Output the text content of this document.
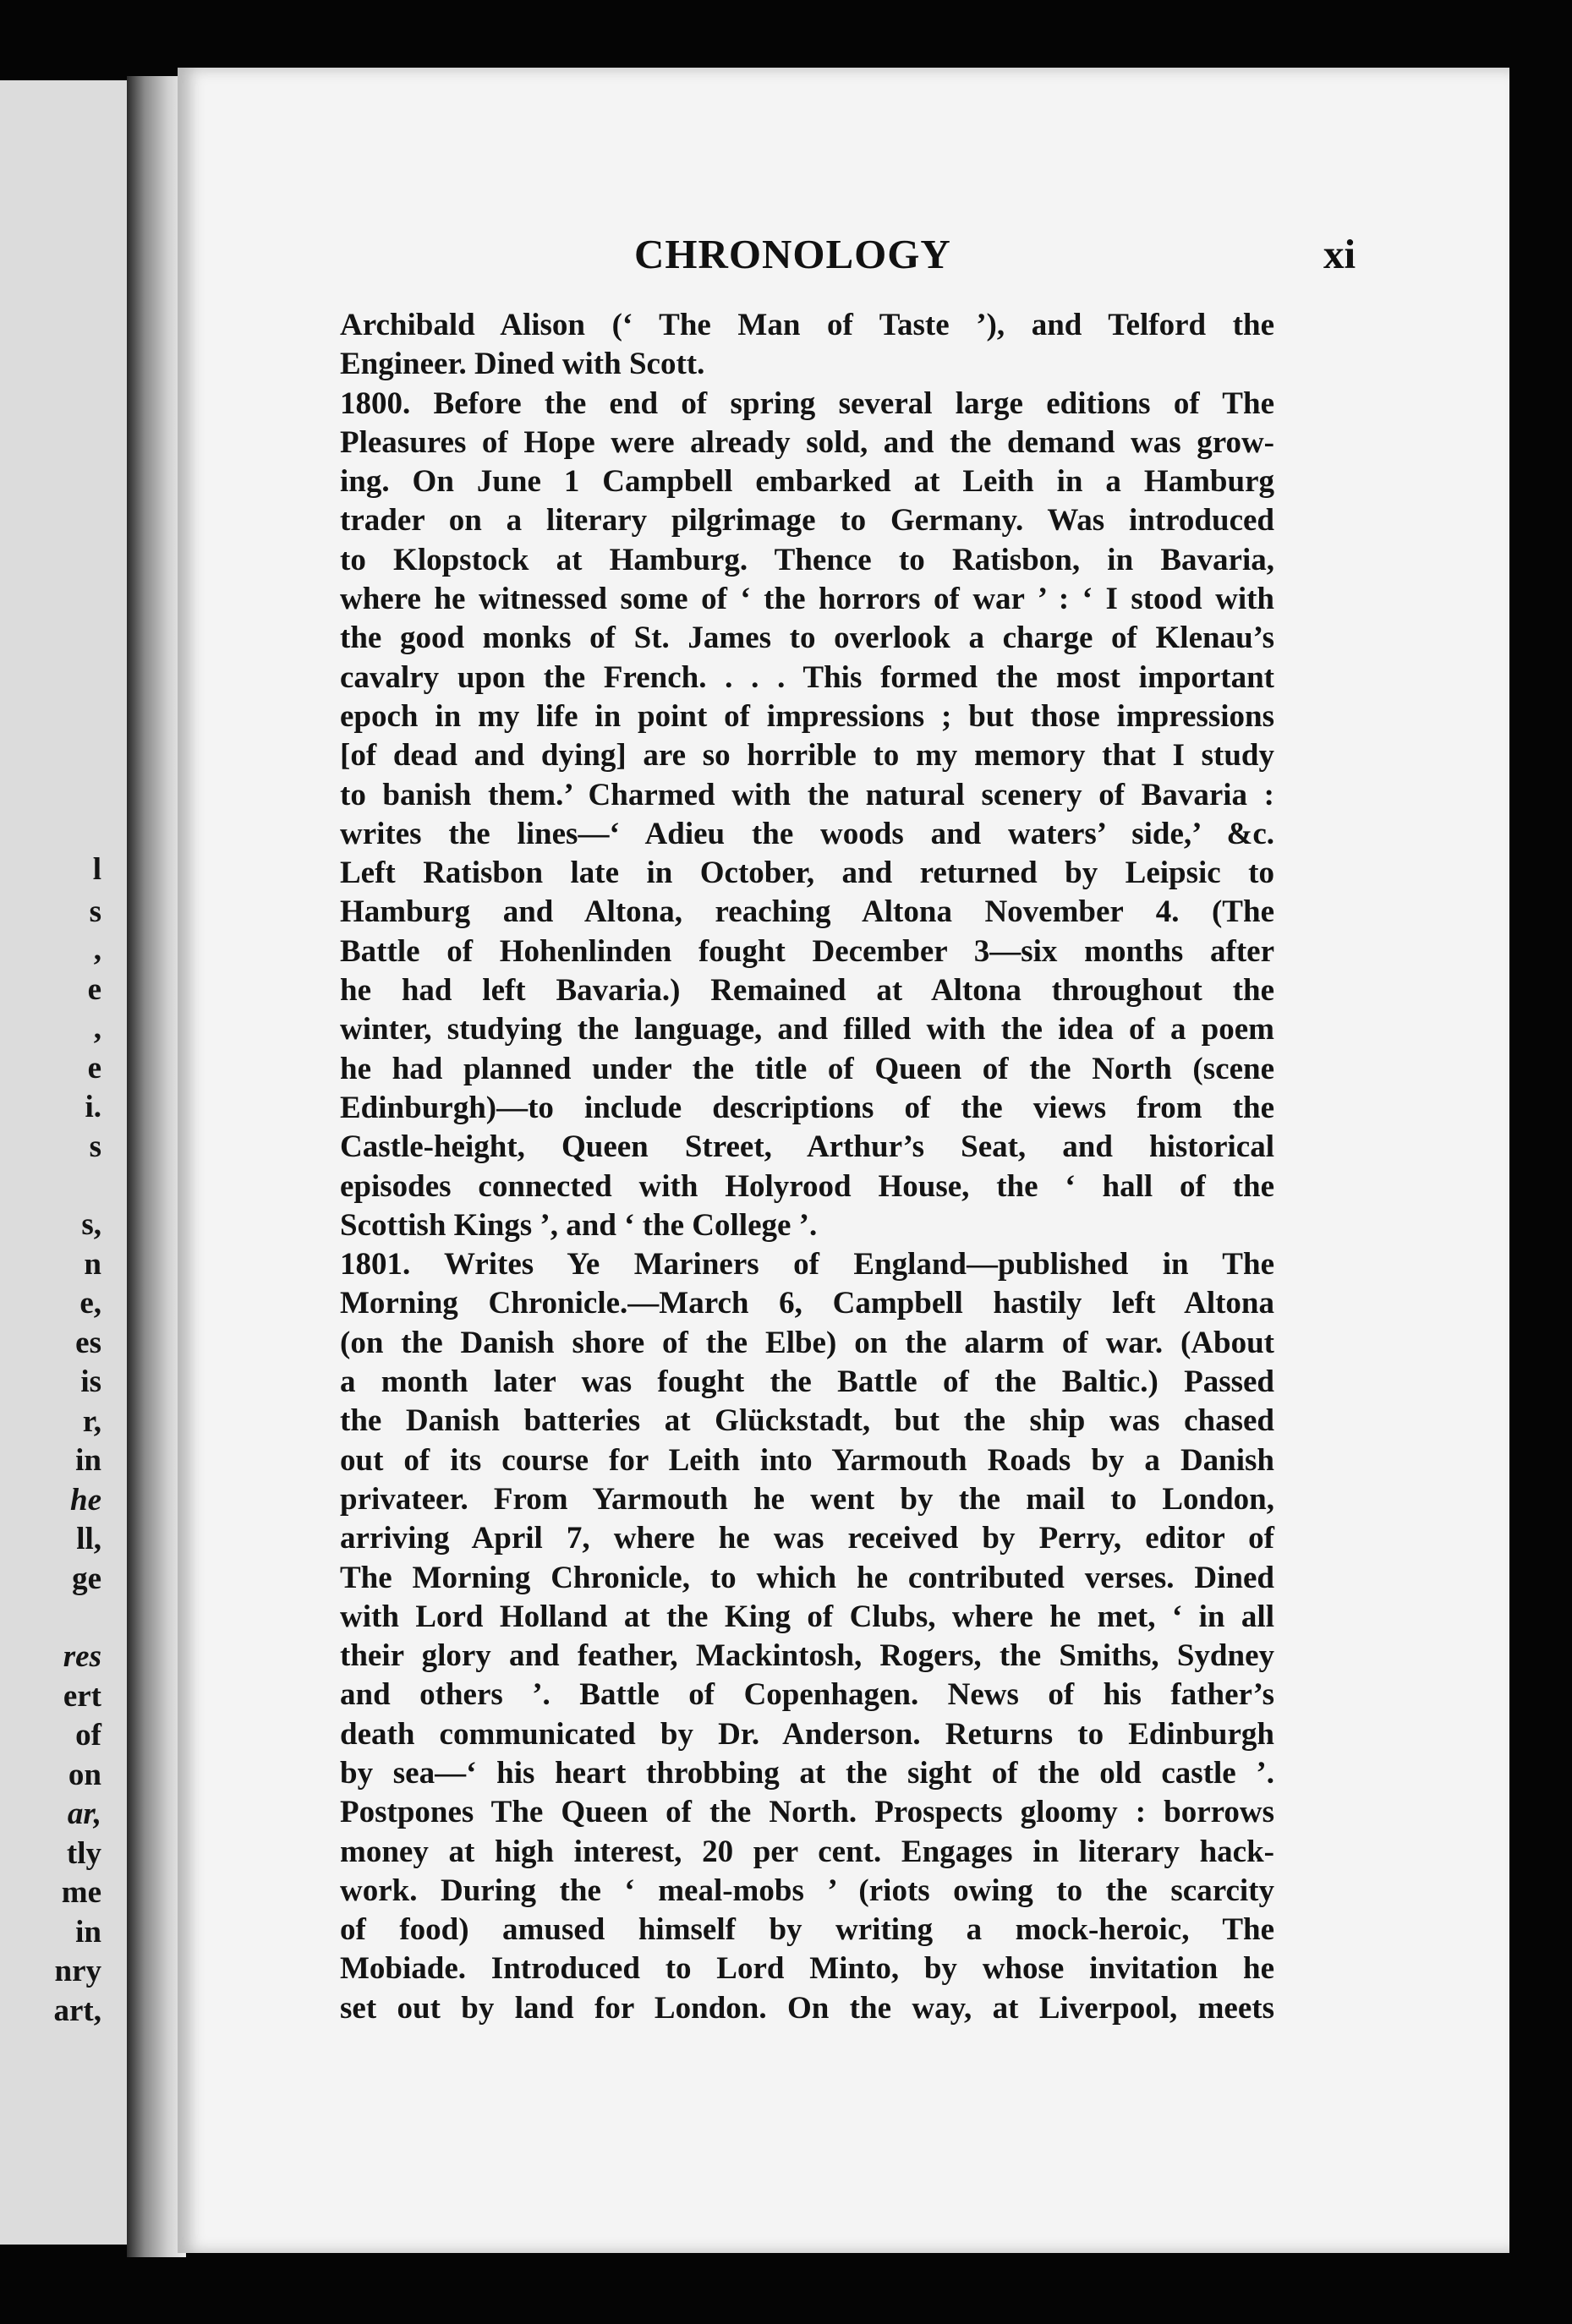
l
s
,
e
,
e
i.
s
s,
n
e,
es
is
r,
in
he
ll,
ge
res
ert
of
on
ar,
tly
me
in
nry
art,
CHRONOLOGY	xi
Archibald Alison (‘ The Man of Taste ’), and Telford the
Engineer. Dined with Scott.
1800. Before the end of spring several large editions of The
Pleasures of Hope were already sold, and the demand was grow-
ing. On June 1 Campbell embarked at Leith in a Hamburg
trader on a literary pilgrimage to Germany. Was introduced
to Klopstock at Hamburg. Thence to Ratisbon, in Bavaria,
where he witnessed some of ‘ the horrors of war ’ : ‘ I stood with
the good monks of St. James to overlook a charge of Klenau’s
cavalry upon the French. . . . This formed the most important
epoch in my life in point of impressions ; but those impressions
[of dead and dying] are so horrible to my memory that I study
to banish them.’ Charmed with the natural scenery of Bavaria :
writes the lines—‘ Adieu the woods and waters’ side,’ &c.
Left Ratisbon late in October, and returned by Leipsic to
Hamburg and Altona, reaching Altona November 4. (The
Battle of Hohenlinden fought December 3—six months after
he had left Bavaria.) Remained at Altona throughout the
winter, studying the language, and filled with the idea of a poem
he had planned under the title of Queen of the North (scene
Edinburgh)—to include descriptions of the views from the
Castle-height, Queen Street, Arthur’s Seat, and historical
episodes connected with Holyrood House, the ‘ hall of the
Scottish Kings ’, and ‘ the College ’.
1801. Writes Ye Mariners of England—published in The
Morning Chronicle.—March 6, Campbell hastily left Altona
(on the Danish shore of the Elbe) on the alarm of war. (About
a month later was fought the Battle of the Baltic.) Passed
the Danish batteries at Glückstadt, but the ship was chased
out of its course for Leith into Yarmouth Roads by a Danish
privateer. From Yarmouth he went by the mail to London,
arriving April 7, where he was received by Perry, editor of
The Morning Chronicle, to which he contributed verses. Dined
with Lord Holland at the King of Clubs, where he met, ‘ in all
their glory and feather, Mackintosh, Rogers, the Smiths, Sydney
and others ’. Battle of Copenhagen. News of his father’s
death communicated by Dr. Anderson. Returns to Edinburgh
by sea—‘ his heart throbbing at the sight of the old castle ’.
Postpones The Queen of the North. Prospects gloomy : borrows
money at high interest, 20 per cent. Engages in literary hack-
work. During the ‘ meal-mobs ’ (riots owing to the scarcity
of food) amused himself by writing a mock-heroic, The
Mobiade. Introduced to Lord Minto, by whose invitation he
set out by land for London. On the way, at Liverpool, meets
